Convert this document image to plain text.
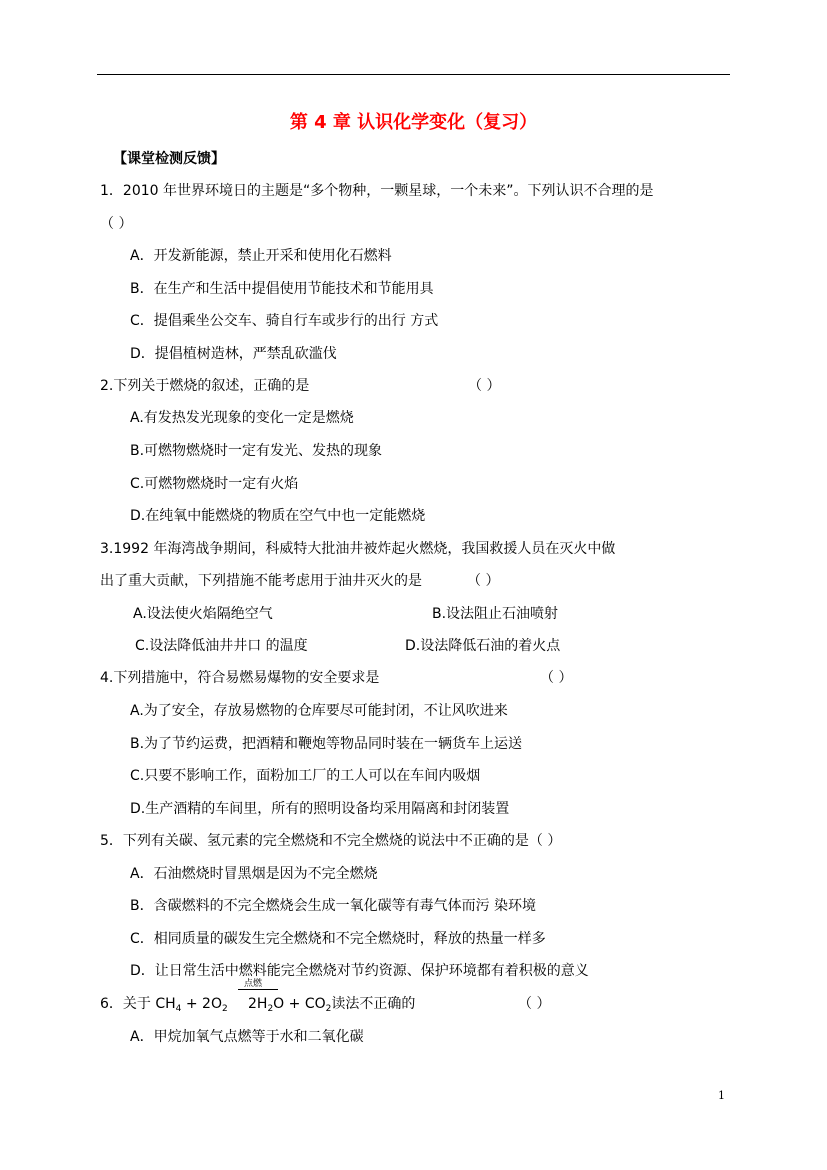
第 4 章 认识化学变化（复习）
【课堂检测反馈】
1．2010 年世界环境日的主题是“多个物种，一颗星球，一个未来”。下列认识不合理的是
（ ）
A．开发新能源，禁止开采和使用化石燃料
B．在生产和生活中提倡使用节能技术和节能用具
C．提倡乘坐公交车、骑自行车或步行的出行 方式
D．提倡植树造林，严禁乱砍滥伐
2.下列关于燃烧的叙述，正确的是	（ ）
A.有发热发光现象的变化一定是燃烧
B.可燃物燃烧时一定有发光、发热的现象
C.可燃物燃烧时一定有火焰
D.在纯氧中能燃烧的物质在空气中也一定能燃烧
3.1992 年海湾战争期间，科威特大批油井被炸起火燃烧，我国救援人员在灭火中做
出了重大贡献，下列措施不能考虑用于油井灭火的是	（ ）
A.设法使火焰隔绝空气	B.设法阻止石油喷射
C.设法降低油井井口 的温度	D.设法降低石油的着火点
4.下列措施中，符合易燃易爆物的安全要求是	（ ）
A.为了安全，存放易燃物的仓库要尽可能封闭，不让风吹进来
B.为了节约运费，把酒精和鞭炮等物品同时装在一辆货车上运送
C.只要不影响工作，面粉加工厂的工人可以在车间内吸烟
D.生产酒精的车间里，所有的照明设备均采用隔离和封闭装置
5．下列有关碳、氢元素的完全燃烧和不完全燃烧的说法中不正确的是（ ）
A．石油燃烧时冒黑烟是因为不完全燃烧
B．含碳燃料的不完全燃烧会生成一氧化碳等有毒气体而污 染环境
C．相同质量的碳发生完全燃烧和不完全燃烧时，释放的热量一样多
D．让日常生活中燃料能完全燃烧对节约资源、保护环境都有着积极的意义
6．关于 $CH_4 + 2O_2$
点燃
$2H_2O + CO_2$读法不正确的	（ ）
A．甲烷加氧气点燃等于水和二氧化碳
1
